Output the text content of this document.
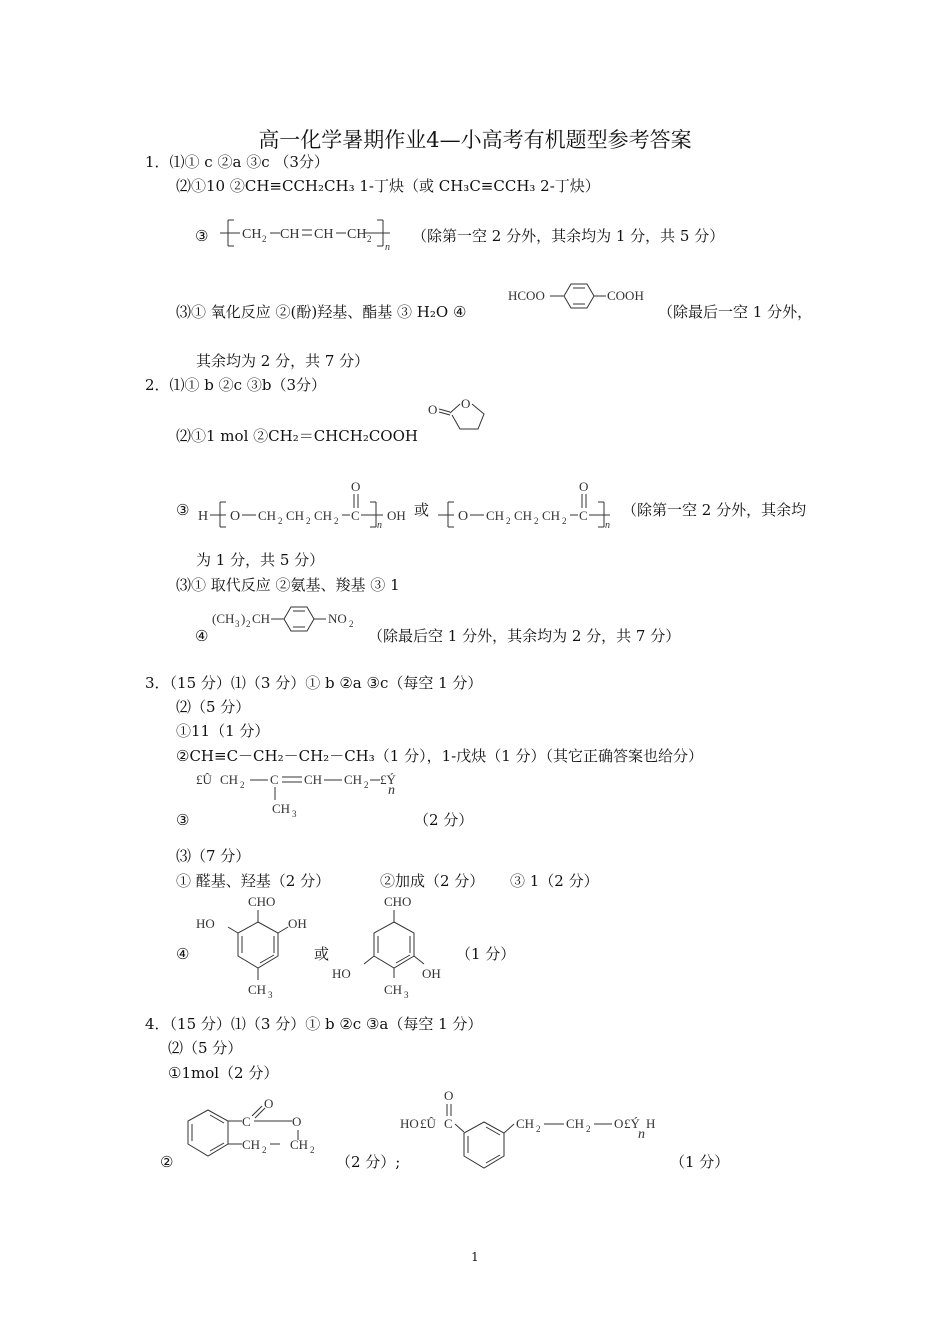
高一化学暑期作业4—小高考有机题型参考答案
1．⑴① c ②a ③c （3分）
⑵①10 ②CH≡CCH₂CH₃ 1-丁炔（或 CH₃C≡CCH₃ 2-丁炔）
③ CH 2 CH CH CH 2
n
（除第一空 2 分外，其余均为 1 分，共 5 分）
⑶① 氧化反应 ②(酚)羟基、酯基 ③ H₂O ④
HCOO	COOH
（除最后一空 1 分外，
其余均为 2 分，共 7 分）
2．⑴① b ②c ③b（3分）
⑵①1 mol ②CH₂＝CHCH₂COOH
O O
③ H O CH 2 CH 2 CH 2 C
O
n
OH 或 O CH 2 CH 2 CH 2 C
O
n
（除第一空 2 分外，其余均
为 1 分，共 5 分）
⑶① 取代反应 ②氨基、羧基 ③ 1
④
(CH 3 ) 2 CH	NO 2
（除最后空 1 分外，其余均为 2 分，共 7 分）
3．（15 分）⑴（3 分）① b ②a ③c（每空 1 分）
⑵（5 分）
①11（1 分）
②CH≡C－CH₂－CH₂－CH₃（1 分），1-戊炔（1 分）（其它正确答案也给分）
£Û CH 2 C CH CH 2 £Ý
n
CH 3
③	（2 分）
⑶（7 分）
① 醛基、羟基（2 分）	②加成（2 分） ③ 1（2 分）
④
CHO
HO	OH
CH 3
或
CHO
HO	OH
CH 3
（1 分）
4．（15 分）⑴（3 分）① b ②c ③a（每空 1 分）
⑵（5 分）
①1mol（2 分）
②
C
O
O
CH 2 CH 2
（2 分）;
HO £Û C
O
CH 2 CH 2 O £Ý H
n
（1 分）
1
